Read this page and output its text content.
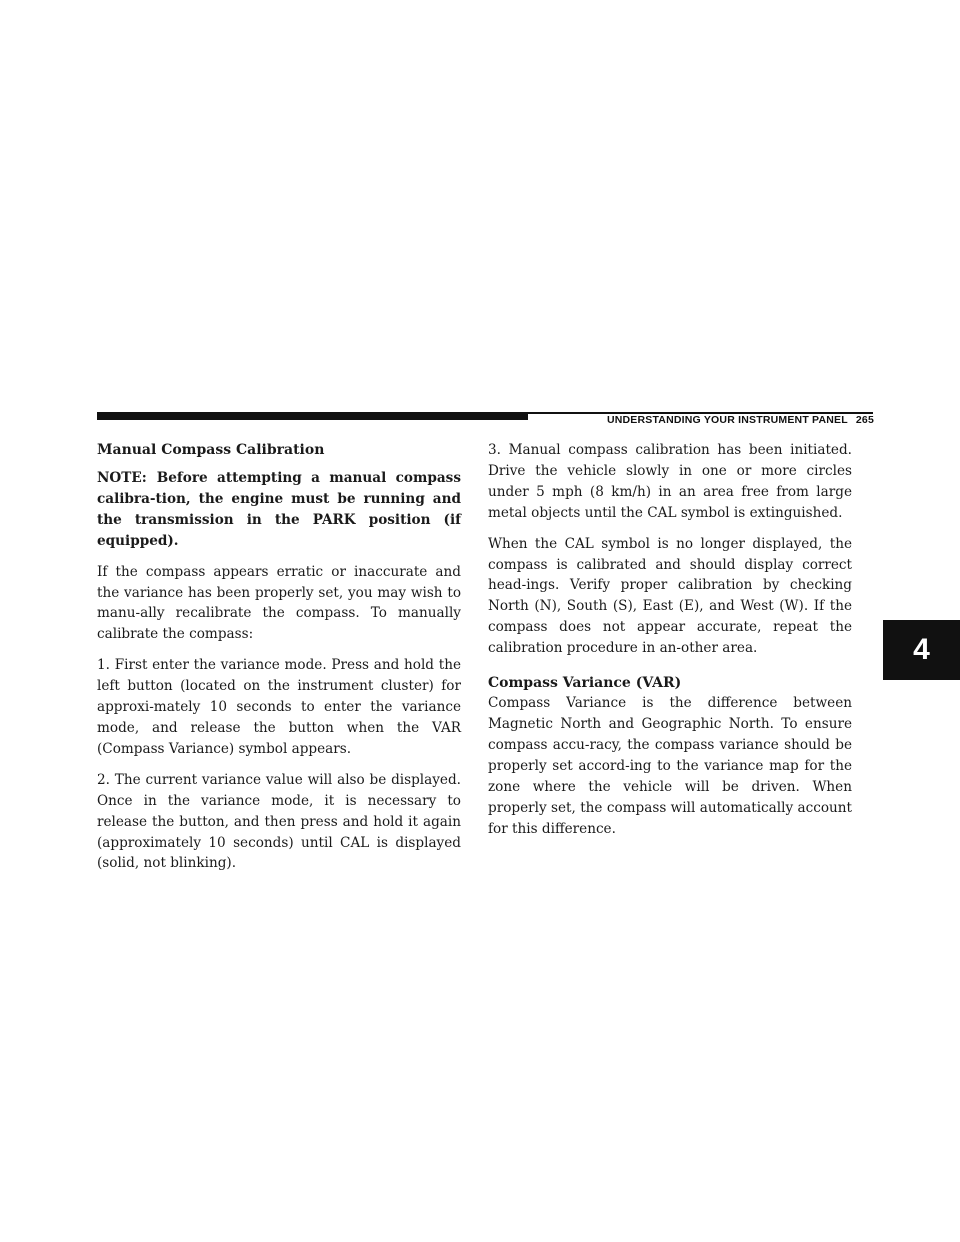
UNDERSTANDING YOUR INSTRUMENT PANEL 265
4
Manual Compass Calibration

NOTE: Before attempting a manual compass calibra-tion, the engine must be running and the transmission in the PARK position (if equipped).

If the compass appears erratic or inaccurate and the variance has been properly set, you may wish to manu-ally recalibrate the compass. To manually calibrate the compass:

1. First enter the variance mode. Press and hold the left button (located on the instrument cluster) for approxi-mately 10 seconds to enter the variance mode, and release the button when the VAR (Compass Variance) symbol appears.

2. The current variance value will also be displayed. Once in the variance mode, it is necessary to release the button, and then press and hold it again (approximately 10 seconds) until CAL is displayed (solid, not blinking).

3. Manual compass calibration has been initiated. Drive the vehicle slowly in one or more circles under 5 mph (8 km/h) in an area free from large metal objects until the CAL symbol is extinguished.

When the CAL symbol is no longer displayed, the compass is calibrated and should display correct head-ings. Verify proper calibration by checking North (N), South (S), East (E), and West (W). If the compass does not appear accurate, repeat the calibration procedure in an-other area.

Compass Variance (VAR)

Compass Variance is the difference between Magnetic North and Geographic North. To ensure compass accu-racy, the compass variance should be properly set accord-ing to the variance map for the zone where the vehicle will be driven. When properly set, the compass will automatically account for this difference.
